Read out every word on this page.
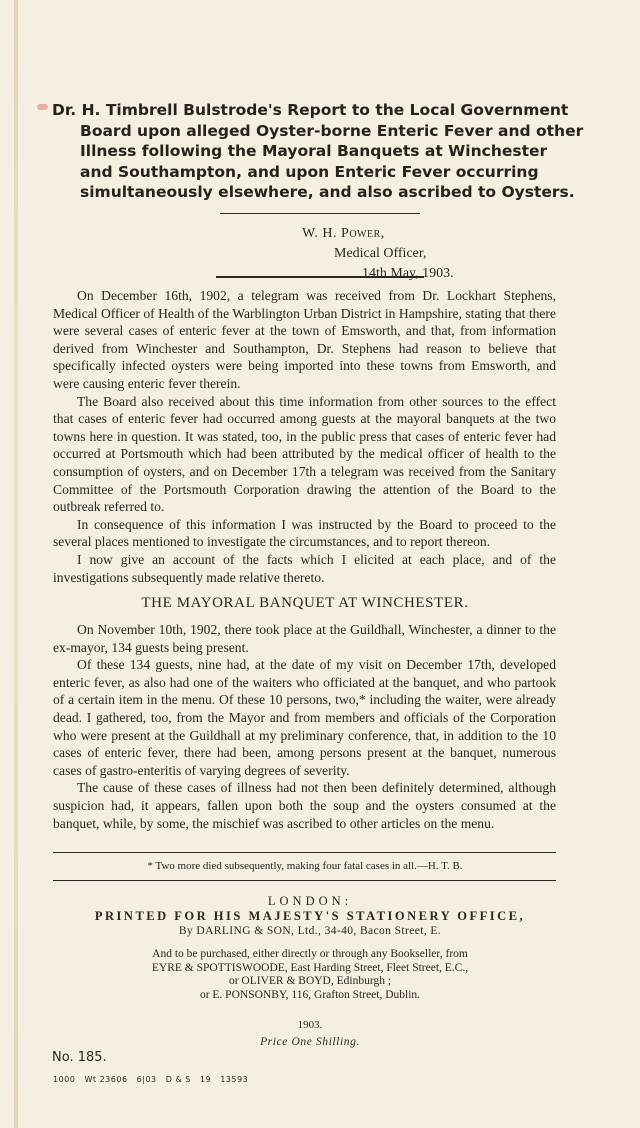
Dr. H. Timbrell Bulstrode's Report to the Local Government
Board upon alleged Oyster-borne Enteric Fever and other
Illness following the Mayoral Banquets at Winchester
and Southampton, and upon Enteric Fever occurring
simultaneously elsewhere, and also ascribed to Oysters.
W. H. Power,
Medical Officer,
14th May, 1903.

On December 16th, 1902, a telegram was received from Dr. Lockhart Stephens, Medical Officer of Health of the Warblington Urban District in Hampshire, stating that there were several cases of enteric fever at the town of Emsworth, and that, from information derived from Winchester and Southampton, Dr. Stephens had reason to believe that specifically infected oysters were being imported into these towns from Emsworth, and were causing enteric fever therein.

The Board also received about this time information from other sources to the effect that cases of enteric fever had occurred among guests at the mayoral banquets at the two towns here in question. It was stated, too, in the public press that cases of enteric fever had occurred at Portsmouth which had been attributed by the medical officer of health to the consumption of oysters, and on December 17th a telegram was received from the Sanitary Committee of the Portsmouth Corporation drawing the attention of the Board to the outbreak referred to.

In consequence of this information I was instructed by the Board to proceed to the several places mentioned to investigate the circumstances, and to report thereon.

I now give an account of the facts which I elicited at each place, and of the investigations subsequently made relative thereto.

THE MAYORAL BANQUET AT WINCHESTER.

On November 10th, 1902, there took place at the Guildhall, Winchester, a dinner to the ex-mayor, 134 guests being present.

Of these 134 guests, nine had, at the date of my visit on December 17th, developed enteric fever, as also had one of the waiters who officiated at the banquet, and who partook of a certain item in the menu. Of these 10 persons, two,* including the waiter, were already dead. I gathered, too, from the Mayor and from members and officials of the Corporation who were present at the Guildhall at my preliminary conference, that, in addition to the 10 cases of enteric fever, there had been, among persons present at the banquet, numerous cases of gastro-enteritis of varying degrees of severity.

The cause of these cases of illness had not then been definitely determined, although suspicion had, it appears, fallen upon both the soup and the oysters consumed at the banquet, while, by some, the mischief was ascribed to other articles on the menu.

* Two more died subsequently, making four fatal cases in all.—H. T. B.
LONDON:
PRINTED FOR HIS MAJESTY'S STATIONERY OFFICE,
By DARLING & SON, Ltd., 34-40, Bacon Street, E.
And to be purchased, either directly or through any Bookseller, from
EYRE & SPOTTISWOODE, East Harding Street, Fleet Street, E.C.,
or OLIVER & BOYD, Edinburgh ;
or E. PONSONBY, 116, Grafton Street, Dublin.
1903.
Price One Shilling.
No. 185.
1000   Wt 23606   6|03   D & S   19   13593
